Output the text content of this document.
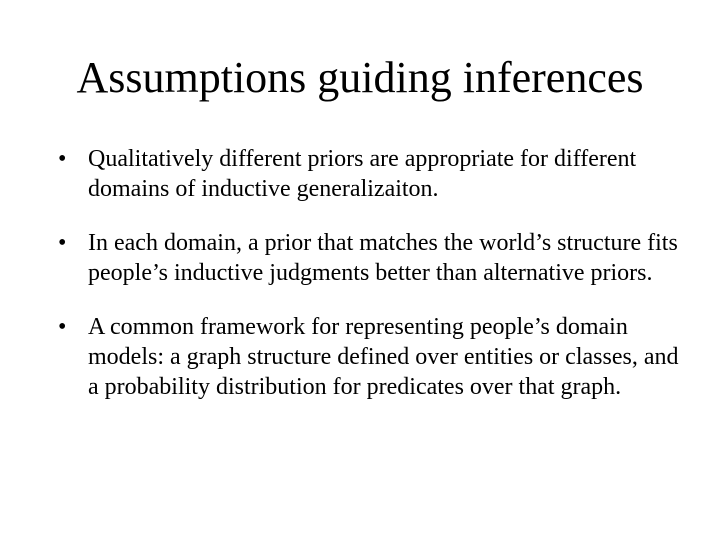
Assumptions guiding inferences
• Qualitatively different priors are appropriate for different domains of inductive generalizaiton.
• In each domain, a prior that matches the world’s structure fits people’s inductive judgments better than alternative priors.
• A common framework for representing people’s domain models: a graph structure defined over entities or classes, and a probability distribution for predicates over that graph.
